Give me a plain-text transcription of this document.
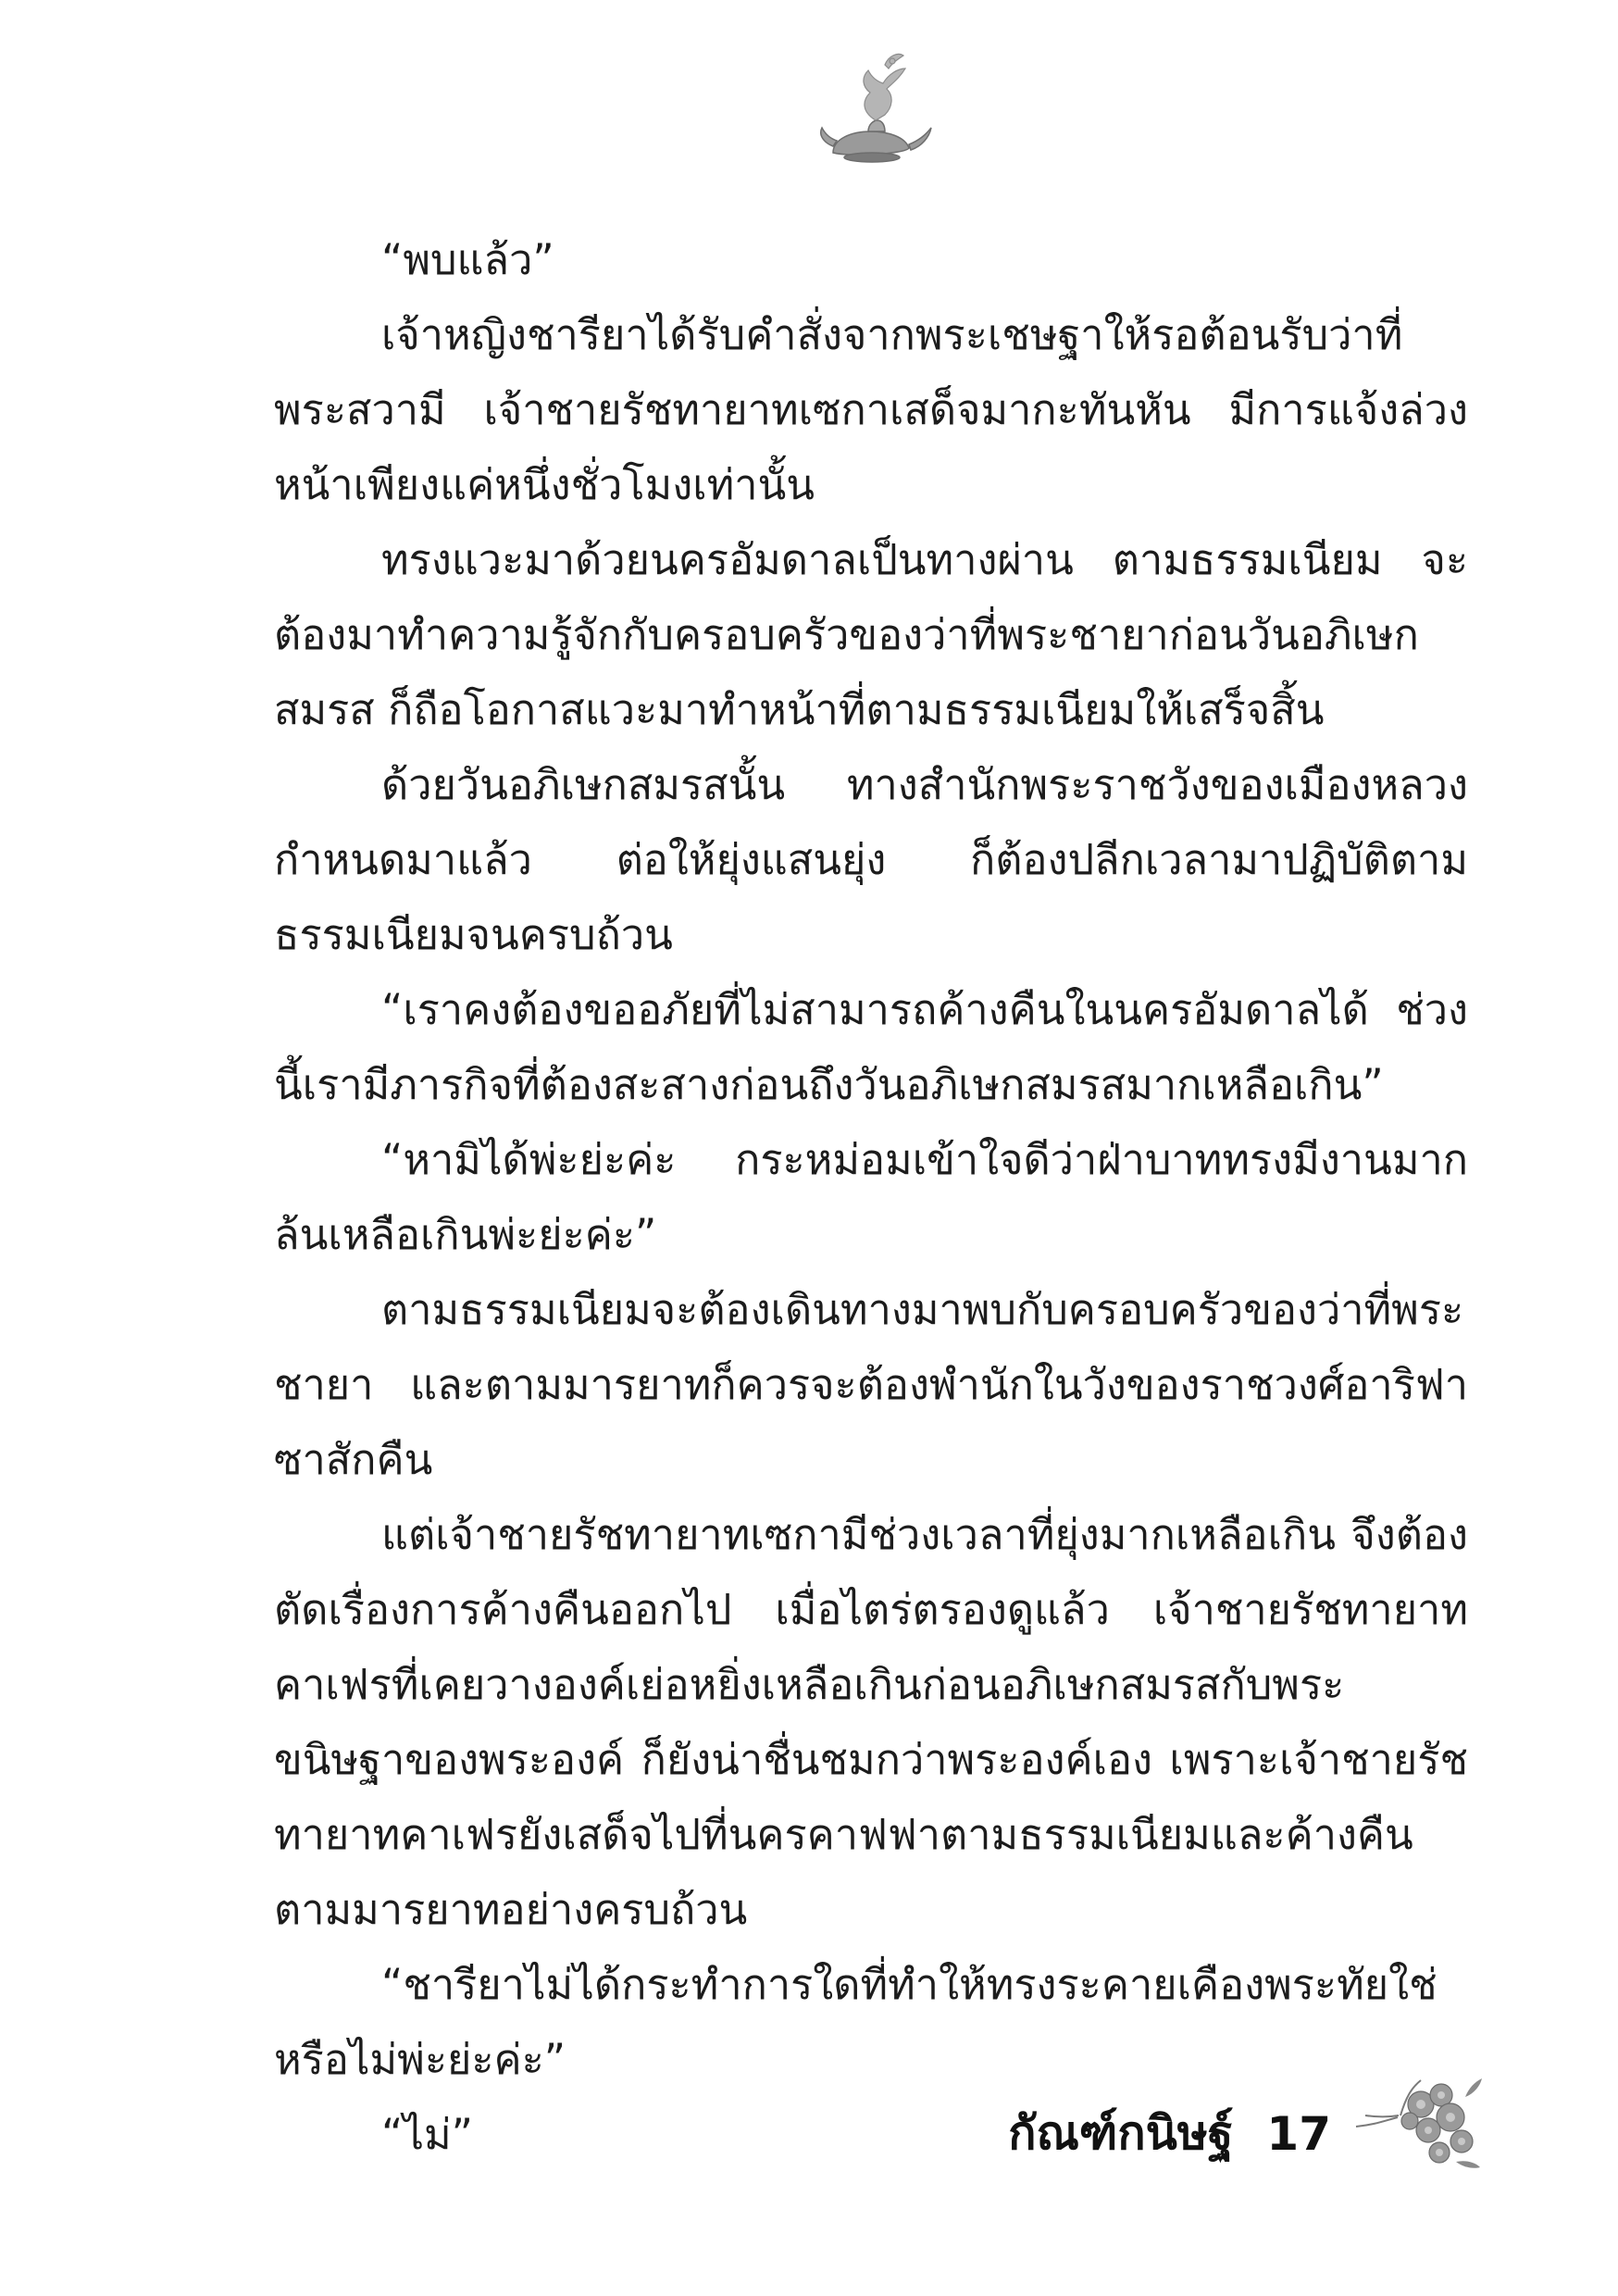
“พบแล้ว”

เจ้าหญิงชารียาได้รับคำสั่งจากพระเชษฐาให้รอต้อนรับว่าที่พระสวามี เจ้าชายรัชทายาทเซกาเสด็จมากะทันหัน มีการแจ้งล่วงหน้าเพียงแค่หนึ่งชั่วโมงเท่านั้น

ทรงแวะมาด้วยนครอัมดาลเป็นทางผ่าน ตามธรรมเนียม จะต้องมาทำความรู้จักกับครอบครัวของว่าที่พระชายาก่อนวันอภิเษกสมรส ก็ถือโอกาสแวะมาทำหน้าที่ตามธรรมเนียมให้เสร็จสิ้น

ด้วยวันอภิเษกสมรสนั้น ทางสำนักพระราชวังของเมืองหลวงกำหนดมาแล้ว ต่อให้ยุ่งแสนยุ่ง ก็ต้องปลีกเวลามาปฏิบัติตามธรรมเนียมจนครบถ้วน

“เราคงต้องขออภัยที่ไม่สามารถค้างคืนในนครอัมดาลได้ ช่วงนี้เรามีภารกิจที่ต้องสะสางก่อนถึงวันอภิเษกสมรสมากเหลือเกิน”

“หามิได้พ่ะย่ะค่ะ กระหม่อมเข้าใจดีว่าฝ่าบาททรงมีงานมากล้นเหลือเกินพ่ะย่ะค่ะ”

ตามธรรมเนียมจะต้องเดินทางมาพบกับครอบครัวของว่าที่พระชายา และตามมารยาทก็ควรจะต้องพำนักในวังของราชวงศ์อาริฟาซาสักคืน

แต่เจ้าชายรัชทายาทเซกามีช่วงเวลาที่ยุ่งมากเหลือเกิน จึงต้องตัดเรื่องการค้างคืนออกไป เมื่อไตร่ตรองดูแล้ว เจ้าชายรัชทายาทคาเฟรที่เคยวางองค์เย่อหยิ่งเหลือเกินก่อนอภิเษกสมรสกับพระขนิษฐาของพระองค์ ก็ยังน่าชื่นชมกว่าพระองค์เอง เพราะเจ้าชายรัชทายาทคาเฟรยังเสด็จไปที่นครคาฟฟาตามธรรมเนียมและค้างคืนตามมารยาทอย่างครบถ้วน

“ชารียาไม่ได้กระทำการใดที่ทำให้ทรงระคายเคืองพระทัยใช่หรือไม่พ่ะย่ะค่ะ”

“ไม่”	กัณฑ์กนิษฐ์ 17
